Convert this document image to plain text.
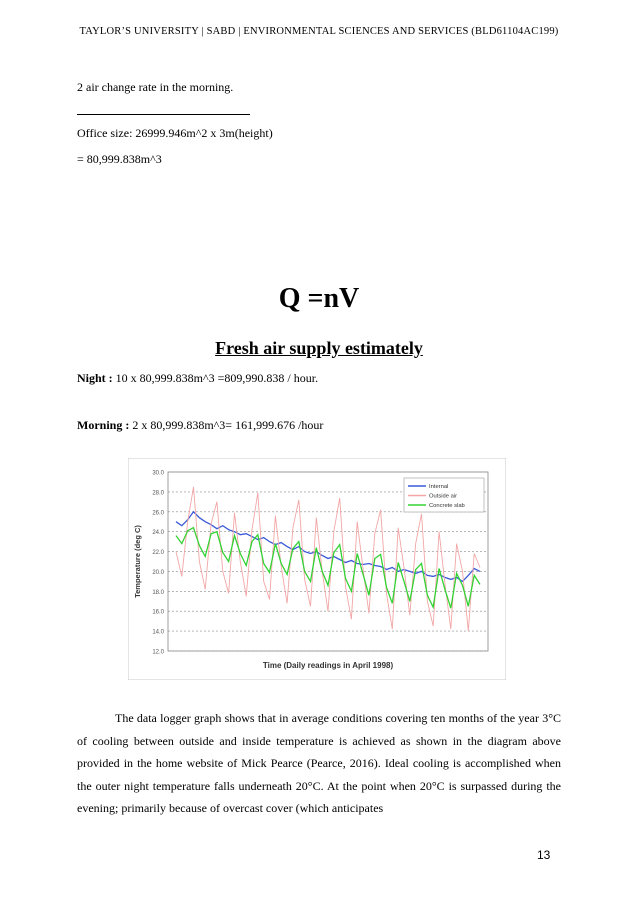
TAYLOR’S UNIVERSITY | SABD | ENVIRONMENTAL SCIENCES AND SERVICES (BLD61104AC199)
2 air change rate in the morning.
Office size: 26999.946m^2 x 3m(height)
= 80,999.838m^3
Q =nV
Fresh air supply estimately
Night : 10 x 80,999.838m^3 =809,990.838 / hour.
Morning : 2 x 80,999.838m^3= 161,999.676 /hour
12.0
14.0
16.0
18.0
20.0
22.0
24.0
26.0
28.0
30.0
Temperature (deg C)
Time (Daily readings in April 1998)
Internal
Outside air
Concrete slab

The data logger graph shows that in average conditions covering ten months of the year 3°C of cooling between outside and inside temperature is achieved as shown in the diagram above provided in the home website of Mick Pearce (Pearce, 2016). Ideal cooling is accomplished when the outer night temperature falls underneath 20°C. At the point when 20°C is surpassed during the evening; primarily because of overcast cover (which anticipates

13
